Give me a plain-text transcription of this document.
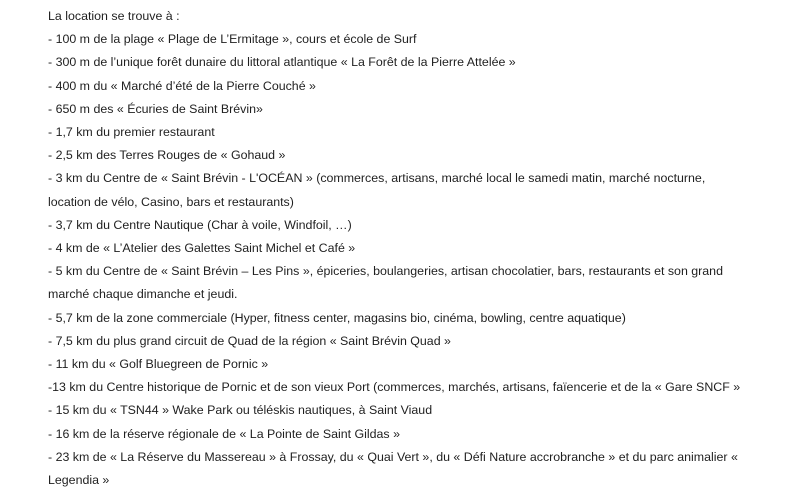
La location se trouve à :

- 100 m de la plage « Plage de L’Ermitage », cours et école de Surf

- 300 m de l’unique forêt dunaire du littoral atlantique « La Forêt de la Pierre Attelée »

- 400 m du « Marché d’été de la Pierre Couché »

- 650 m des « Écuries de Saint Brévin»

- 1,7 km du premier restaurant

- 2,5 km des Terres Rouges de « Gohaud »

- 3 km du Centre de « Saint Brévin - L'OCÉAN » (commerces, artisans, marché local le samedi matin, marché nocturne, location de vélo, Casino, bars et restaurants)

- 3,7 km du Centre Nautique (Char à voile, Windfoil, …)

- 4 km de « L’Atelier des Galettes Saint Michel et Café »

- 5 km du Centre de « Saint Brévin – Les Pins », épiceries, boulangeries, artisan chocolatier, bars, restaurants et son grand marché chaque dimanche et jeudi.

- 5,7 km de la zone commerciale (Hyper, fitness center, magasins bio, cinéma, bowling, centre aquatique)

- 7,5 km du plus grand circuit de Quad de la région « Saint Brévin Quad »

- 11 km du « Golf Bluegreen de Pornic »

-13 km du Centre historique de Pornic et de son vieux Port (commerces, marchés, artisans, faïencerie et de la « Gare SNCF »

- 15 km du « TSN44 » Wake Park ou téléskis nautiques, à Saint Viaud

- 16 km de la réserve régionale de « La Pointe de Saint Gildas »

- 23 km de « La Réserve du Massereau » à Frossay, du « Quai Vert », du « Défi Nature accrobranche » et du parc animalier « Legendia »
